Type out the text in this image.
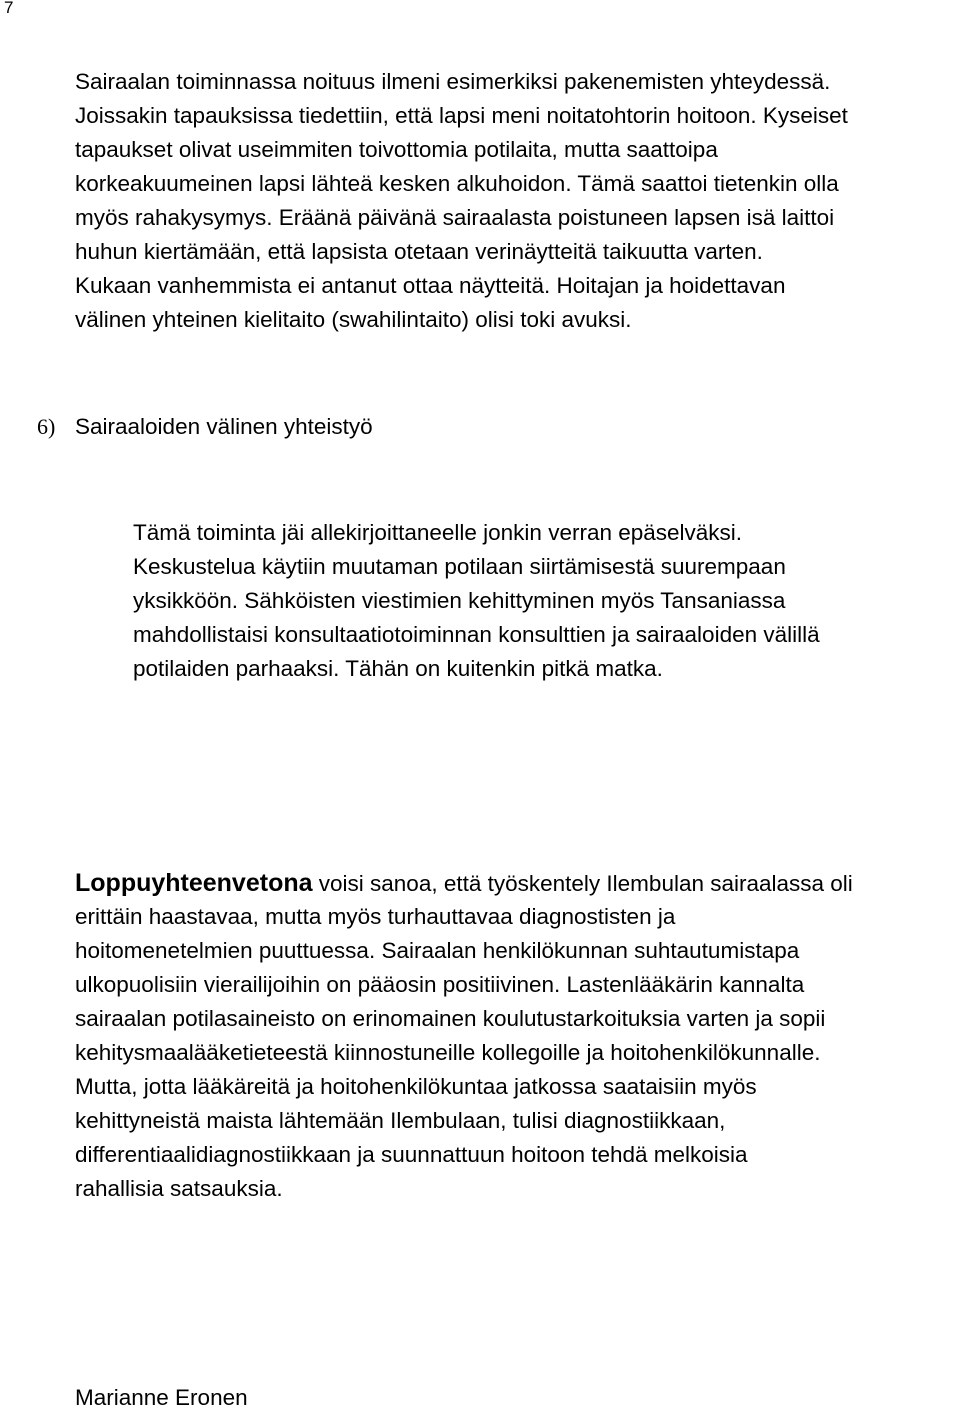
7
Sairaalan toiminnassa noituus ilmeni esimerkiksi pakenemisten yhteydessä.
Joissakin tapauksissa tiedettiin, että lapsi meni noitatohtorin hoitoon. Kyseiset
tapaukset olivat useimmiten toivottomia potilaita, mutta saattoipa
korkeakuumeinen lapsi lähteä kesken alkuhoidon. Tämä saattoi tietenkin olla
myös rahakysymys. Eräänä päivänä sairaalasta poistuneen lapsen isä laittoi
huhun kiertämään, että lapsista otetaan verinäytteitä taikuutta varten.
Kukaan vanhemmista ei antanut ottaa näytteitä. Hoitajan ja hoidettavan
välinen yhteinen kielitaito (swahilintaito) olisi toki avuksi.
6) Sairaaloiden välinen yhteistyö
Tämä toiminta jäi allekirjoittaneelle jonkin verran epäselväksi.
Keskustelua käytiin muutaman potilaan siirtämisestä suurempaan
yksikköön. Sähköisten viestimien kehittyminen myös Tansaniassa
mahdollistaisi konsultaatiotoiminnan konsulttien ja sairaaloiden välillä
potilaiden parhaaksi. Tähän on kuitenkin pitkä matka.
Loppuyhteenvetona voisi sanoa, että työskentely Ilembulan sairaalassa oli
erittäin haastavaa, mutta myös turhauttavaa diagnostisten ja
hoitomenetelmien puuttuessa. Sairaalan henkilökunnan suhtautumistapa
ulkopuolisiin vierailijoihin on pääosin positiivinen. Lastenlääkärin kannalta
sairaalan potilasaineisto on erinomainen koulutustarkoituksia varten ja sopii
kehitysmaalääketieteestä kiinnostuneille kollegoille ja hoitohenkilökunnalle.
Mutta, jotta lääkäreitä ja hoitohenkilökuntaa jatkossa saataisiin myös
kehittyneistä maista lähtemään Ilembulaan, tulisi diagnostiikkaan,
differentiaalidiagnostiikkaan ja suunnattuun hoitoon tehdä melkoisia
rahallisia satsauksia.
Marianne Eronen
